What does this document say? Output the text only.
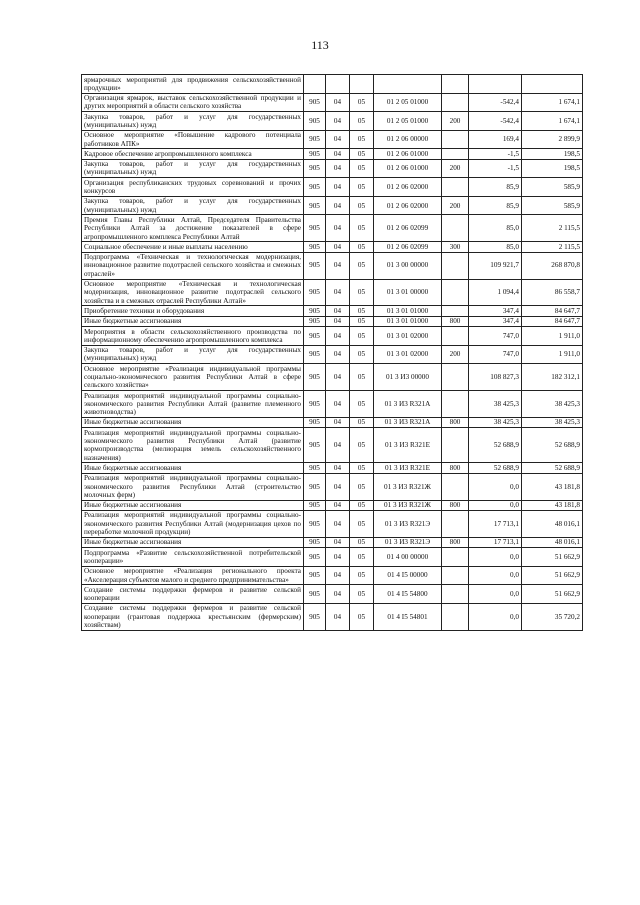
113
ярмарочных мероприятий для продвижения сельскохозяйственной продукции»							
Организация ярмарок, выставок сельскохозяйственной продукции и других мероприятий в области сельского хозяйства	905	04	05	01 2 05 01000		-542,4	1 674,1
Закупка товаров, работ и услуг для государственных (муниципальных) нужд	905	04	05	01 2 05 01000	200	-542,4	1 674,1
Основное мероприятие «Повышение кадрового потенциала работников АПК»	905	04	05	01 2 06 00000		169,4	2 899,9
Кадровое обеспечение агропромышленного комплекса	905	04	05	01 2 06 01000		-1,5	198,5
Закупка товаров, работ и услуг для государственных (муниципальных) нужд	905	04	05	01 2 06 01000	200	-1,5	198,5
Организация республиканских трудовых соревнований и прочих конкурсов	905	04	05	01 2 06 02000		85,9	585,9
Закупка товаров, работ и услуг для государственных (муниципальных) нужд	905	04	05	01 2 06 02000	200	85,9	585,9
Премия Главы Республики Алтай, Председателя Правительства Республики Алтай за достижение показателей в сфере агропромышленного комплекса Республики Алтай	905	04	05	01 2 06 02099		85,0	2 115,5
Социальное обеспечение и иные выплаты населению	905	04	05	01 2 06 02099	300	85,0	2 115,5
Подпрограмма «Техническая и технологическая модернизация, инновационное развитие подотраслей сельского хозяйства и смежных отраслей»	905	04	05	01 3 00 00000		109 921,7	268 870,8
Основное мероприятие «Техническая и технологическая модернизация, инновационное развитие подотраслей сельского хозяйства и в смежных отраслей Республики Алтай»	905	04	05	01 3 01 00000		1 094,4	86 558,7
Приобретение техники и оборудования	905	04	05	01 3 01 01000		347,4	84 647,7
Иные бюджетные ассигнования	905	04	05	01 3 01 01000	800	347,4	84 647,7
Мероприятия в области сельскохозяйственного производства по информационному обеспечению агропромышленного комплекса	905	04	05	01 3 01 02000		747,0	1 911,0
Закупка товаров, работ и услуг для государственных (муниципальных) нужд	905	04	05	01 3 01 02000	200	747,0	1 911,0
Основное мероприятие «Реализация индивидуальной программы социально-экономического развития Республики Алтай в сфере сельского хозяйства»	905	04	05	01 3 И3 00000		108 827,3	182 312,1
Реализация мероприятий индивидуальной программы социально-экономического развития Республики Алтай (развитие племенного животноводства)	905	04	05	01 3 И3 R321А		38 425,3	38 425,3
Иные бюджетные ассигнования	905	04	05	01 3 И3 R321А	800	38 425,3	38 425,3
Реализация мероприятий индивидуальной программы социально-экономического развития Республики Алтай (развитие кормопроизводства (мелиорация земель сельскохозяйственного назначения)	905	04	05	01 3 И3 R321Е		52 688,9	52 688,9
Иные бюджетные ассигнования	905	04	05	01 3 И3 R321Е	800	52 688,9	52 688,9
Реализация мероприятий индивидуальной программы социально-экономического развития Республики Алтай (строительство молочных ферм)	905	04	05	01 3 И3 R321Ж		0,0	43 181,8
Иные бюджетные ассигнования	905	04	05	01 3 И3 R321Ж	800	0,0	43 181,8
Реализация мероприятий индивидуальной программы социально-экономического развития Республики Алтай (модернизация цехов по переработке молочной продукции)	905	04	05	01 3 И3 R321Э		17 713,1	48 016,1
Иные бюджетные ассигнования	905	04	05	01 3 И3 R321Э	800	17 713,1	48 016,1
Подпрограмма «Развитие сельскохозяйственной потребительской кооперации»	905	04	05	01 4 00 00000		0,0	51 662,9
Основное мероприятие «Реализация регионального проекта «Акселерация субъектов малого и среднего предпринимательства»	905	04	05	01 4 I5 00000		0,0	51 662,9
Создание системы поддержки фермеров и развитие сельской кооперации	905	04	05	01 4 I5 54800		0,0	51 662,9
Создание системы поддержки фермеров и развитие сельской кооперации (грантовая поддержка крестьянским (фермерским) хозяйствам)	905	04	05	01 4 I5 54801		0,0	35 720,2
